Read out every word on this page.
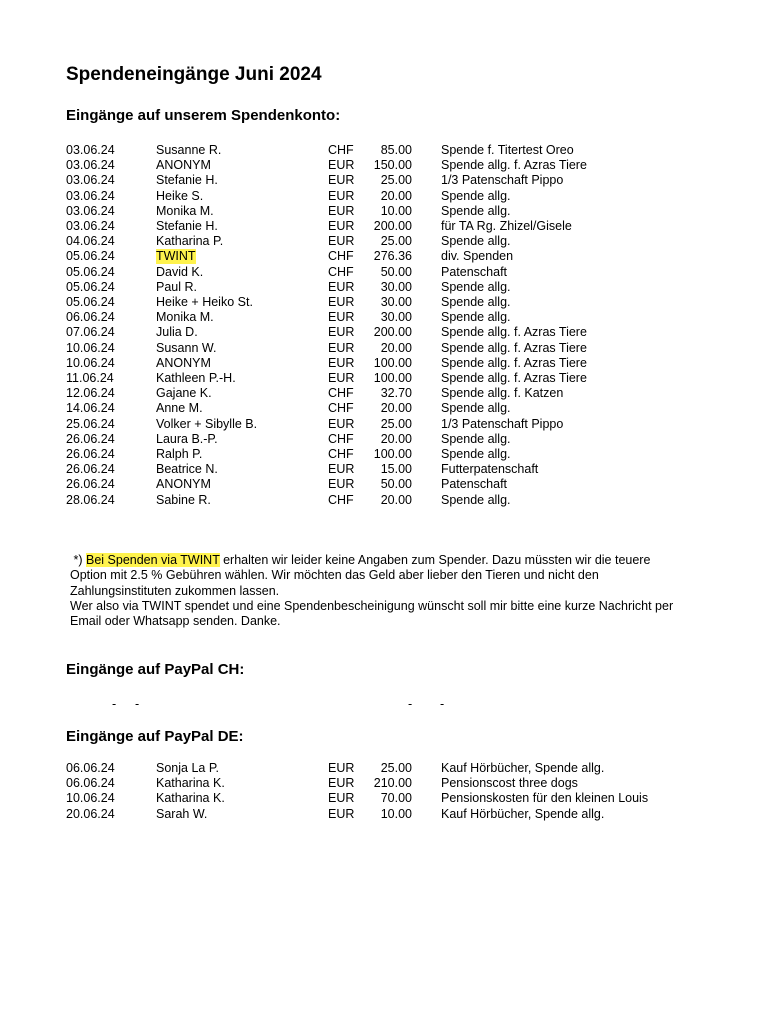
Spendeneingänge Juni 2024
Eingänge auf unserem Spendenkonto:
03.06.24	Susanne R.	CHF 85.00 Spende f. Titertest Oreo
03.06.24	ANONYM	EUR 150.00 Spende allg. f. Azras Tiere
03.06.24	Stefanie H.	EUR 25.00 1/3 Patenschaft Pippo
03.06.24	Heike S.	EUR 20.00 Spende allg.
03.06.24	Monika M.	EUR 10.00 Spende allg.
03.06.24	Stefanie H.	EUR 200.00 für TA Rg. Zhizel/Gisele
04.06.24	Katharina P.	EUR 25.00 Spende allg.
05.06.24	TWINT	CHF 276.36 div. Spenden
05.06.24	David K.	CHF 50.00 Patenschaft
05.06.24	Paul R.	EUR 30.00 Spende allg.
05.06.24	Heike + Heiko St.	EUR 30.00 Spende allg.
06.06.24	Monika M.	EUR 30.00 Spende allg.
07.06.24	Julia D.	EUR 200.00 Spende allg. f. Azras Tiere
10.06.24	Susann W.	EUR 20.00 Spende allg. f. Azras Tiere
10.06.24	ANONYM	EUR 100.00 Spende allg. f. Azras Tiere
11.06.24	Kathleen P.-H.	EUR 100.00 Spende allg. f. Azras Tiere
12.06.24	Gajane K.	CHF 32.70 Spende allg. f. Katzen
14.06.24	Anne M.	CHF 20.00 Spende allg.
25.06.24	Volker + Sibylle B.	EUR 25.00 1/3 Patenschaft Pippo
26.06.24	Laura B.-P.	CHF 20.00 Spende allg.
26.06.24	Ralph P.	CHF 100.00 Spende allg.
26.06.24	Beatrice N.	EUR 15.00 Futterpatenschaft
26.06.24	ANONYM	EUR 50.00 Patenschaft
28.06.24	Sabine R.	CHF 20.00 Spende allg.

*) Bei Spenden via TWINT erhalten wir leider keine Angaben zum Spender. Dazu müssten wir die teuere

Option mit 2.5 % Gebühren wählen. Wir möchten das Geld aber lieber den Tieren und nicht den

Zahlungsinstituten zukommen lassen.

Wer also via TWINT spendet und eine Spendenbescheinigung wünscht soll mir bitte eine kurze Nachricht per

Email oder Whatsapp senden. Danke.

Eingänge auf PayPal CH:
- -	- -
Eingänge auf PayPal DE:
06.06.24	Sonja La P.	EUR 25.00 Kauf Hörbücher, Spende allg.
06.06.24	Katharina K.	EUR 210.00 Pensionscost three dogs
10.06.24	Katharina K.	EUR 70.00 Pensionskosten für den kleinen Louis
20.06.24	Sarah W.	EUR 10.00 Kauf Hörbücher, Spende allg.
